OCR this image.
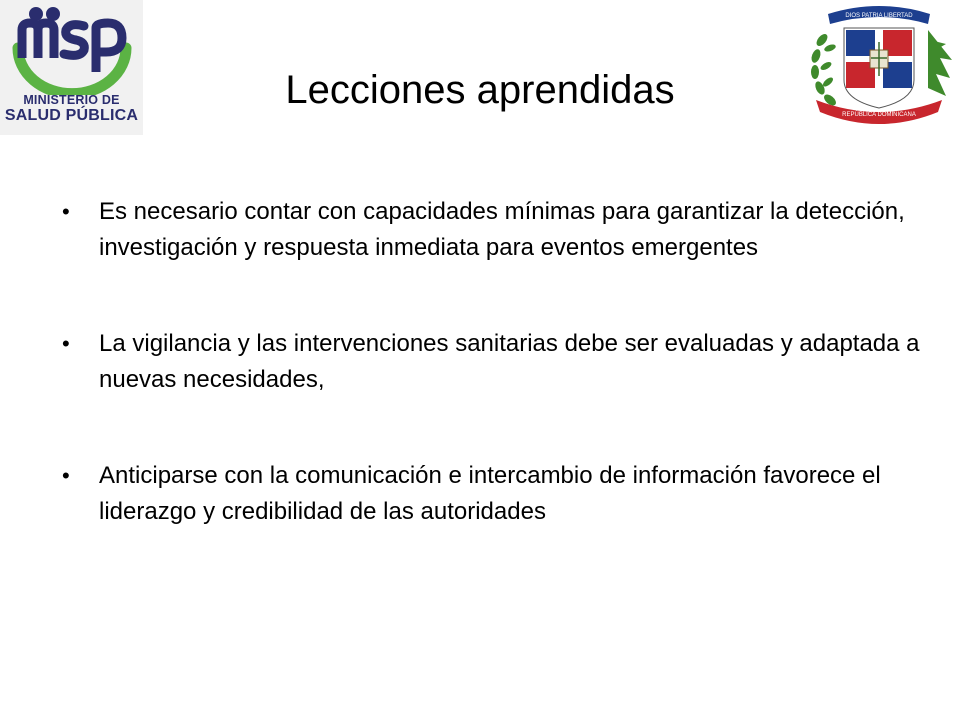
MINISTERIO DE
SALUD PÚBLICA
Lecciones aprendidas
DIOS PATRIA LIBERTAD
REPÚBLICA DOMINICANA
• Es necesario contar con capacidades mínimas para garantizar la detección, investigación y respuesta inmediata para eventos emergentes
• La vigilancia y las intervenciones sanitarias debe ser evaluadas y adaptada a nuevas necesidades,
• Anticiparse con la comunicación e intercambio de información favorece el liderazgo y credibilidad de las autoridades
